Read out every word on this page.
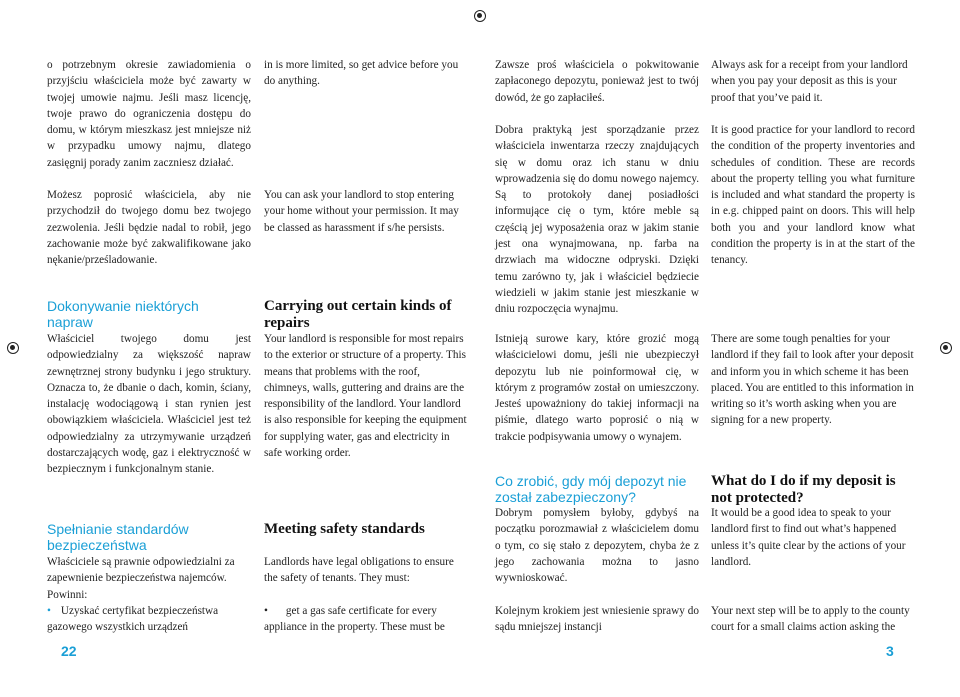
o potrzebnym okresie zawiadomienia o przyjściu właściciela może być zawarty w twojej umowie najmu. Jeśli masz licencję, twoje prawo do ograniczenia dostępu do domu, w którym mieszkasz jest mniejsze niż w przypadku umowy najmu, dlatego zasięgnij porady zanim zaczniesz działać.

Możesz poprosić właściciela, aby nie przychodził do twojego domu bez twojego zezwolenia. Jeśli będzie nadal to robił, jego zachowanie może być zakwalifikowane jako nękanie/prześladowanie.

Dokonywanie niektórych napraw

Właściciel twojego domu jest odpowiedzialny za większość napraw zewnętrznej strony budynku i jego struktury. Oznacza to, że dbanie o dach, komin, ściany, instalację wodociągową i stan rynien jest obowiązkiem właściciela. Właściciel jest też odpowiedzialny za utrzymywanie urządzeń dostarczających wodę, gaz i elektryczność w bezpiecznym i funkcjonalnym stanie.

Spełnianie standardów bezpieczeństwa

Właściciele są prawnie odpowiedzialni za zapewnienie bezpieczeństwa najemców. Powinni:

• Uzyskać certyfikat bezpieczeństwa gazowego wszystkich urządzeń

in is more limited, so get advice before you do anything.

You can ask your landlord to stop entering your home without your permission. It may be classed as harassment if s/he persists.

Carrying out certain kinds of repairs

Your landlord is responsible for most repairs to the exterior or structure of a property. This means that problems with the roof, chimneys, walls, guttering and drains are the responsibility of the landlord. Your landlord is also responsible for keeping the equipment for supplying water, gas and electricity in safe working order.

Meeting safety standards

Landlords have legal obligations to ensure the safety of tenants. They must:

• get a gas safe certificate for every appliance in the property. These must be

Zawsze proś właściciela o pokwitowanie zapłaconego depozytu, ponieważ jest to twój dowód, że go zapłaciłeś.

Dobra praktyką jest sporządzanie przez właściciela inwentarza rzeczy znajdujących się w domu oraz ich stanu w dniu wprowadzenia się do domu nowego najemcy. Są to protokoły danej posiadłości informujące cię o tym, które meble są częścią jej wyposażenia oraz w jakim stanie jest ona wynajmowana, np. farba na drzwiach ma widoczne odpryski. Dzięki temu zarówno ty, jak i właściciel będziecie wiedzieli w jakim stanie jest mieszkanie w dniu rozpoczęcia wynajmu.

Istnieją surowe kary, które grozić mogą właścicielowi domu, jeśli nie ubezpieczył depozytu lub nie poinformował cię, w którym z programów został on umieszczony. Jesteś upoważniony do takiej informacji na piśmie, dlatego warto poprosić o nią w trakcie podpisywania umowy o wynajem.

Co zrobić, gdy mój depozyt nie został zabezpieczony?

Dobrym pomysłem byłoby, gdybyś na początku porozmawiał z właścicielem domu o tym, co się stało z depozytem, chyba że z jego zachowania można to jasno wywnioskować.

Kolejnym krokiem jest wniesienie sprawy do sądu mniejszej instancji

Always ask for a receipt from your landlord when you pay your deposit as this is your proof that you’ve paid it.

It is good practice for your landlord to record the condition of the property inventories and schedules of condition. These are records about the property telling you what furniture is included and what standard the property is in e.g. chipped paint on doors. This will help both you and your landlord know what condition the property is in at the start of the tenancy.

There are some tough penalties for your landlord if they fail to look after your deposit and inform you in which scheme it has been placed. You are entitled to this information in writing so it’s worth asking when you are signing for a new property.

What do I do if my deposit is not protected?

It would be a good idea to speak to your landlord first to find out what’s happened unless it’s quite clear by the actions of your landlord.

Your next step will be to apply to the county court for a small claims action asking the

22	3
